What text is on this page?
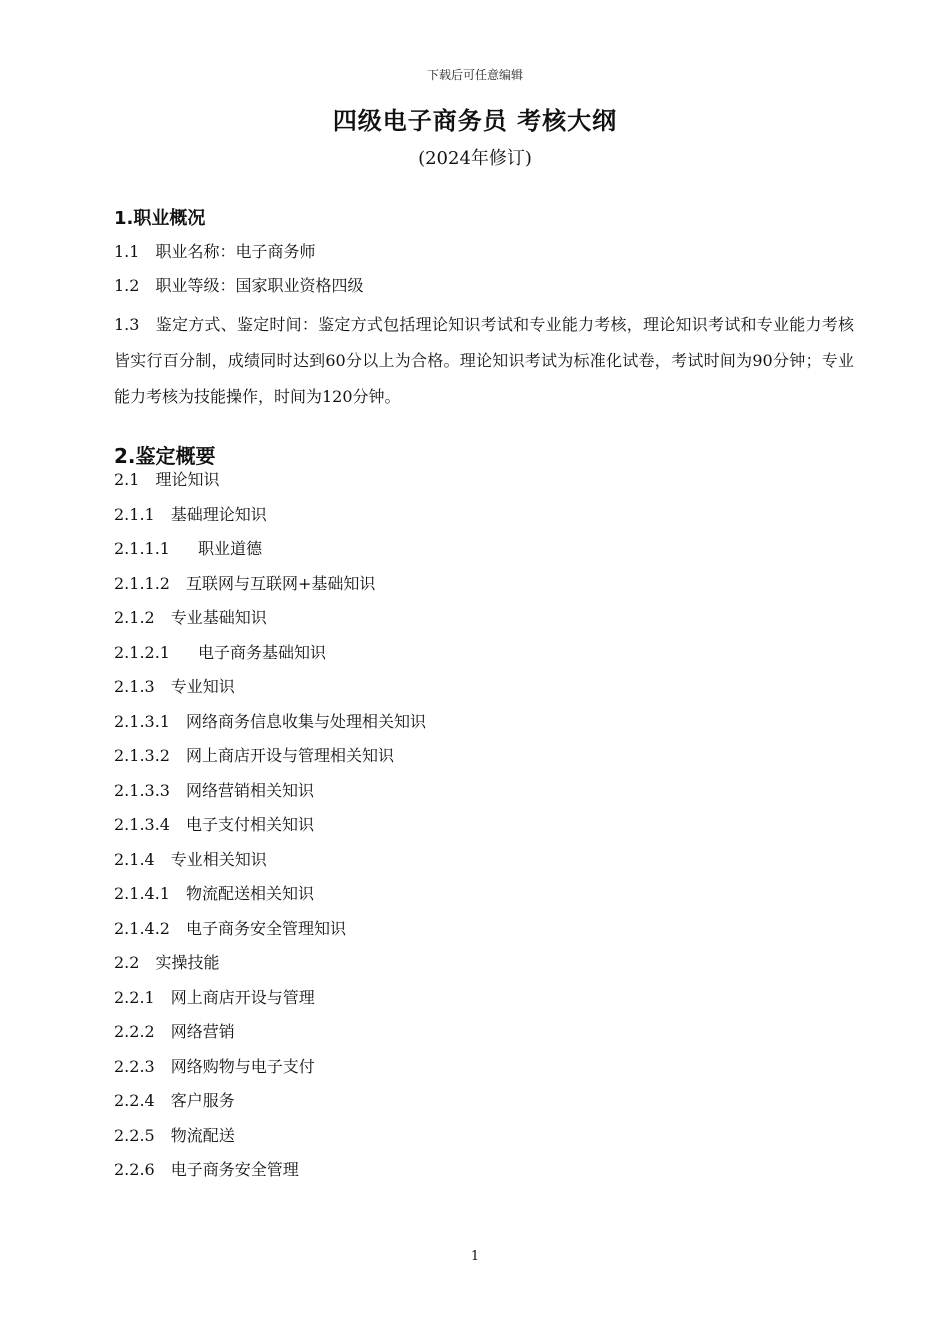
下载后可任意编辑
四级电子商务员 考核大纲
(2024年修订)
1.职业概况
1.1 职业名称：电子商务师
1.2 职业等级：国家职业资格四级
1.3 鉴定方式、鉴定时间：鉴定方式包括理论知识考试和专业能力考核，理论知识考试和专业能力考核皆实行百分制，成绩同时达到60分以上为合格。理论知识考试为标准化试卷，考试时间为90分钟；专业能力考核为技能操作，时间为120分钟。
2.鉴定概要
2.1 理论知识
2.1.1 基础理论知识
2.1.1.1 职业道德
2.1.1.2 互联网与互联网+基础知识
2.1.2 专业基础知识
2.1.2.1 电子商务基础知识
2.1.3 专业知识
2.1.3.1 网络商务信息收集与处理相关知识
2.1.3.2 网上商店开设与管理相关知识
2.1.3.3 网络营销相关知识
2.1.3.4 电子支付相关知识
2.1.4 专业相关知识
2.1.4.1 物流配送相关知识
2.1.4.2 电子商务安全管理知识
2.2 实操技能
2.2.1 网上商店开设与管理
2.2.2 网络营销
2.2.3 网络购物与电子支付
2.2.4 客户服务
2.2.5 物流配送
2.2.6 电子商务安全管理
1
